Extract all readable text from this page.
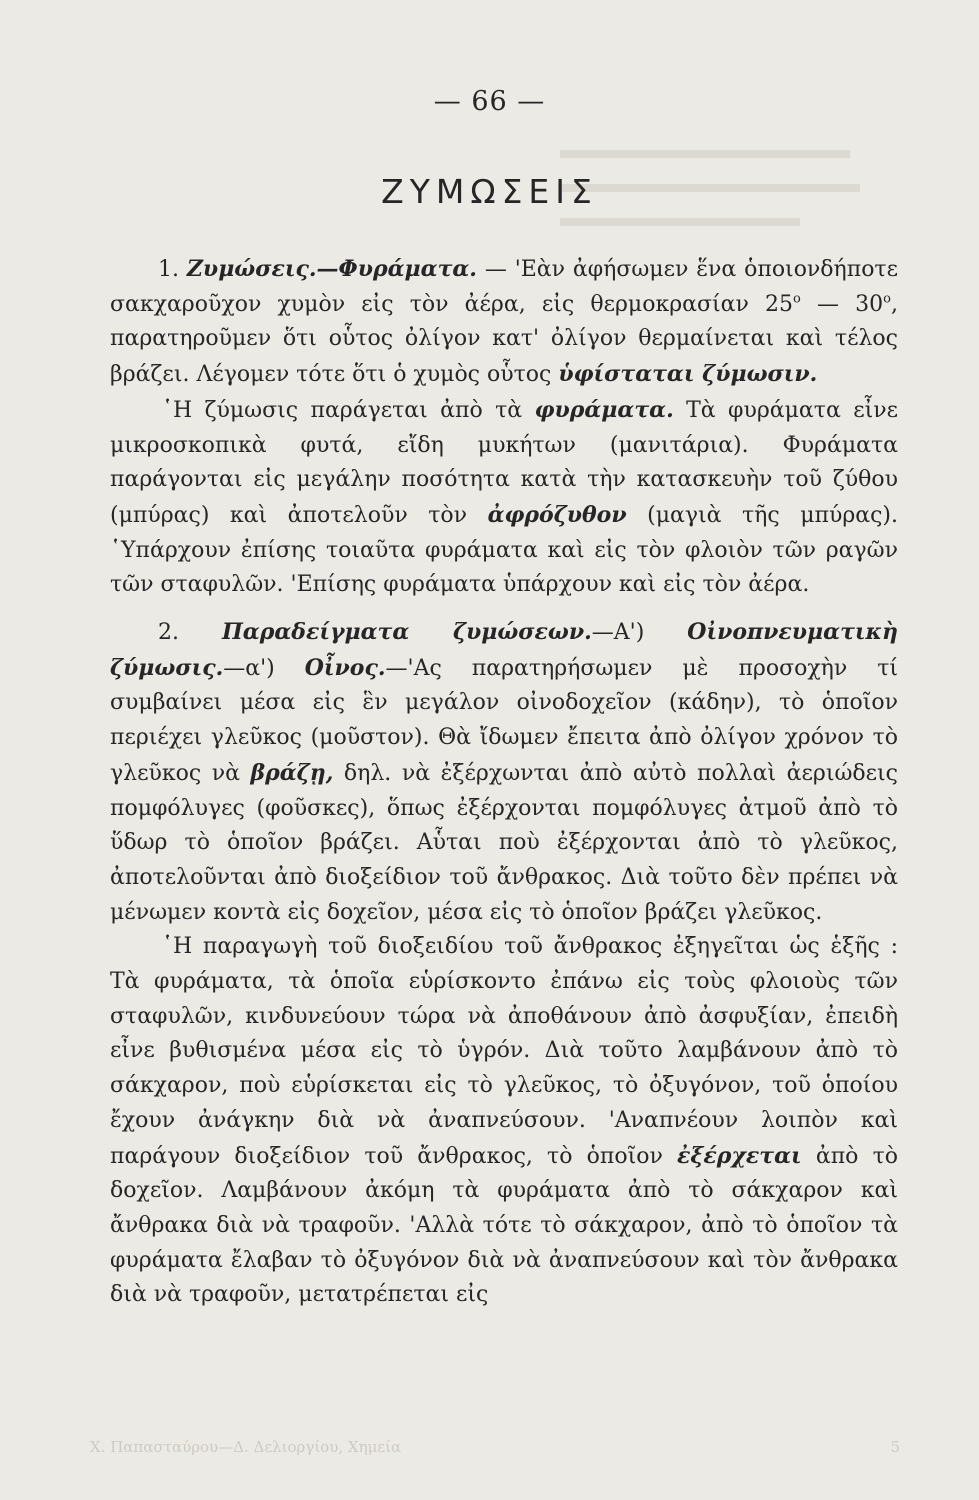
— 66 —
ΖΥΜΩΣΕΙΣ

1. Ζυμώσεις.—Φυράματα. — 'Εὰν ἀφήσωμεν ἕνα ὁποιονδήποτε σακχαροῦχον χυμὸν εἰς τὸν ἀέρα, εἰς θερμοκρασίαν $25^o$ — $30^o$, παρατηροῦμεν ὅτι οὗτος ὀλίγον κατ' ὀλίγον θερμαίνεται καὶ τέλος βράζει. Λέγομεν τότε ὅτι ὁ χυμὸς οὗτος ὑφίσταται ζύμωσιν.

῾Η ζύμωσις παράγεται ἀπὸ τὰ φυράματα. Τὰ φυράματα εἶνε μικροσκοπικὰ φυτά, εἴδη μυκήτων (μανιτάρια). Φυράματα παράγονται εἰς μεγάλην ποσότητα κατὰ τὴν κατασκευὴν τοῦ ζύθου (μπύρας) καὶ ἀποτελοῦν τὸν ἀφρόζυθον (μαγιὰ τῆς μπύρας). ῾Υπάρχουν ἐπίσης τοιαῦτα φυράματα καὶ εἰς τὸν φλοιὸν τῶν ραγῶν τῶν σταφυλῶν. 'Επίσης φυράματα ὑπάρχουν καὶ εἰς τὸν ἀέρα.

2. Παραδείγματα ζυμώσεων.—Α') Οἰνοπνευματικὴ ζύμωσις.—α') Οἶνος.—'Ας παρατηρήσωμεν μὲ προσοχὴν τί συμβαίνει μέσα εἰς ἓν μεγάλον οἰνοδοχεῖον (κάδην), τὸ ὁποῖον περιέχει γλεῦκος (μοῦστον). Θὰ ἴδωμεν ἔπειτα ἀπὸ ὀλίγον χρόνον τὸ γλεῦκος νὰ βράζῃ, δηλ. νὰ ἐξέρχωνται ἀπὸ αὐτὸ πολλαὶ ἀεριώδεις πομφόλυγες (φοῦσκες), ὅπως ἐξέρχονται πομφόλυγες ἀτμοῦ ἀπὸ τὸ ὕδωρ τὸ ὁποῖον βράζει. Αὗται ποὺ ἐξέρχονται ἀπὸ τὸ γλεῦκος, ἀποτελοῦνται ἀπὸ διοξείδιον τοῦ ἄνθρακος. Διὰ τοῦτο δὲν πρέπει νὰ μένωμεν κοντὰ εἰς δοχεῖον, μέσα εἰς τὸ ὁποῖον βράζει γλεῦκος.

῾Η παραγωγὴ τοῦ διοξειδίου τοῦ ἄνθρακος ἐξηγεῖται ὡς ἑξῆς : Τὰ φυράματα, τὰ ὁποῖα εὑρίσκοντο ἐπάνω εἰς τοὺς φλοιοὺς τῶν σταφυλῶν, κινδυνεύουν τώρα νὰ ἀποθάνουν ἀπὸ ἀσφυξίαν, ἐπειδὴ εἶνε βυθισμένα μέσα εἰς τὸ ὑγρόν. Διὰ τοῦτο λαμβάνουν ἀπὸ τὸ σάκχαρον, ποὺ εὑρίσκεται εἰς τὸ γλεῦκος, τὸ ὀξυγόνον, τοῦ ὁποίου ἔχουν ἀνάγκην διὰ νὰ ἀναπνεύσουν. 'Αναπνέουν λοιπὸν καὶ παράγουν διοξείδιον τοῦ ἄνθρακος, τὸ ὁποῖον ἐξέρχεται ἀπὸ τὸ δοχεῖον. Λαμβάνουν ἀκόμη τὰ φυράματα ἀπὸ τὸ σάκχαρον καὶ ἄνθρακα διὰ νὰ τραφοῦν. 'Αλλὰ τότε τὸ σάκχαρον, ἀπὸ τὸ ὁποῖον τὰ φυράματα ἔλαβαν τὸ ὀξυγόνον διὰ νὰ ἀναπνεύσουν καὶ τὸν ἄνθρακα διὰ νὰ τραφοῦν, μετατρέπεται εἰς

Χ. Παπασταύρου—Δ. Δελιοργίου, Χημεία	5
